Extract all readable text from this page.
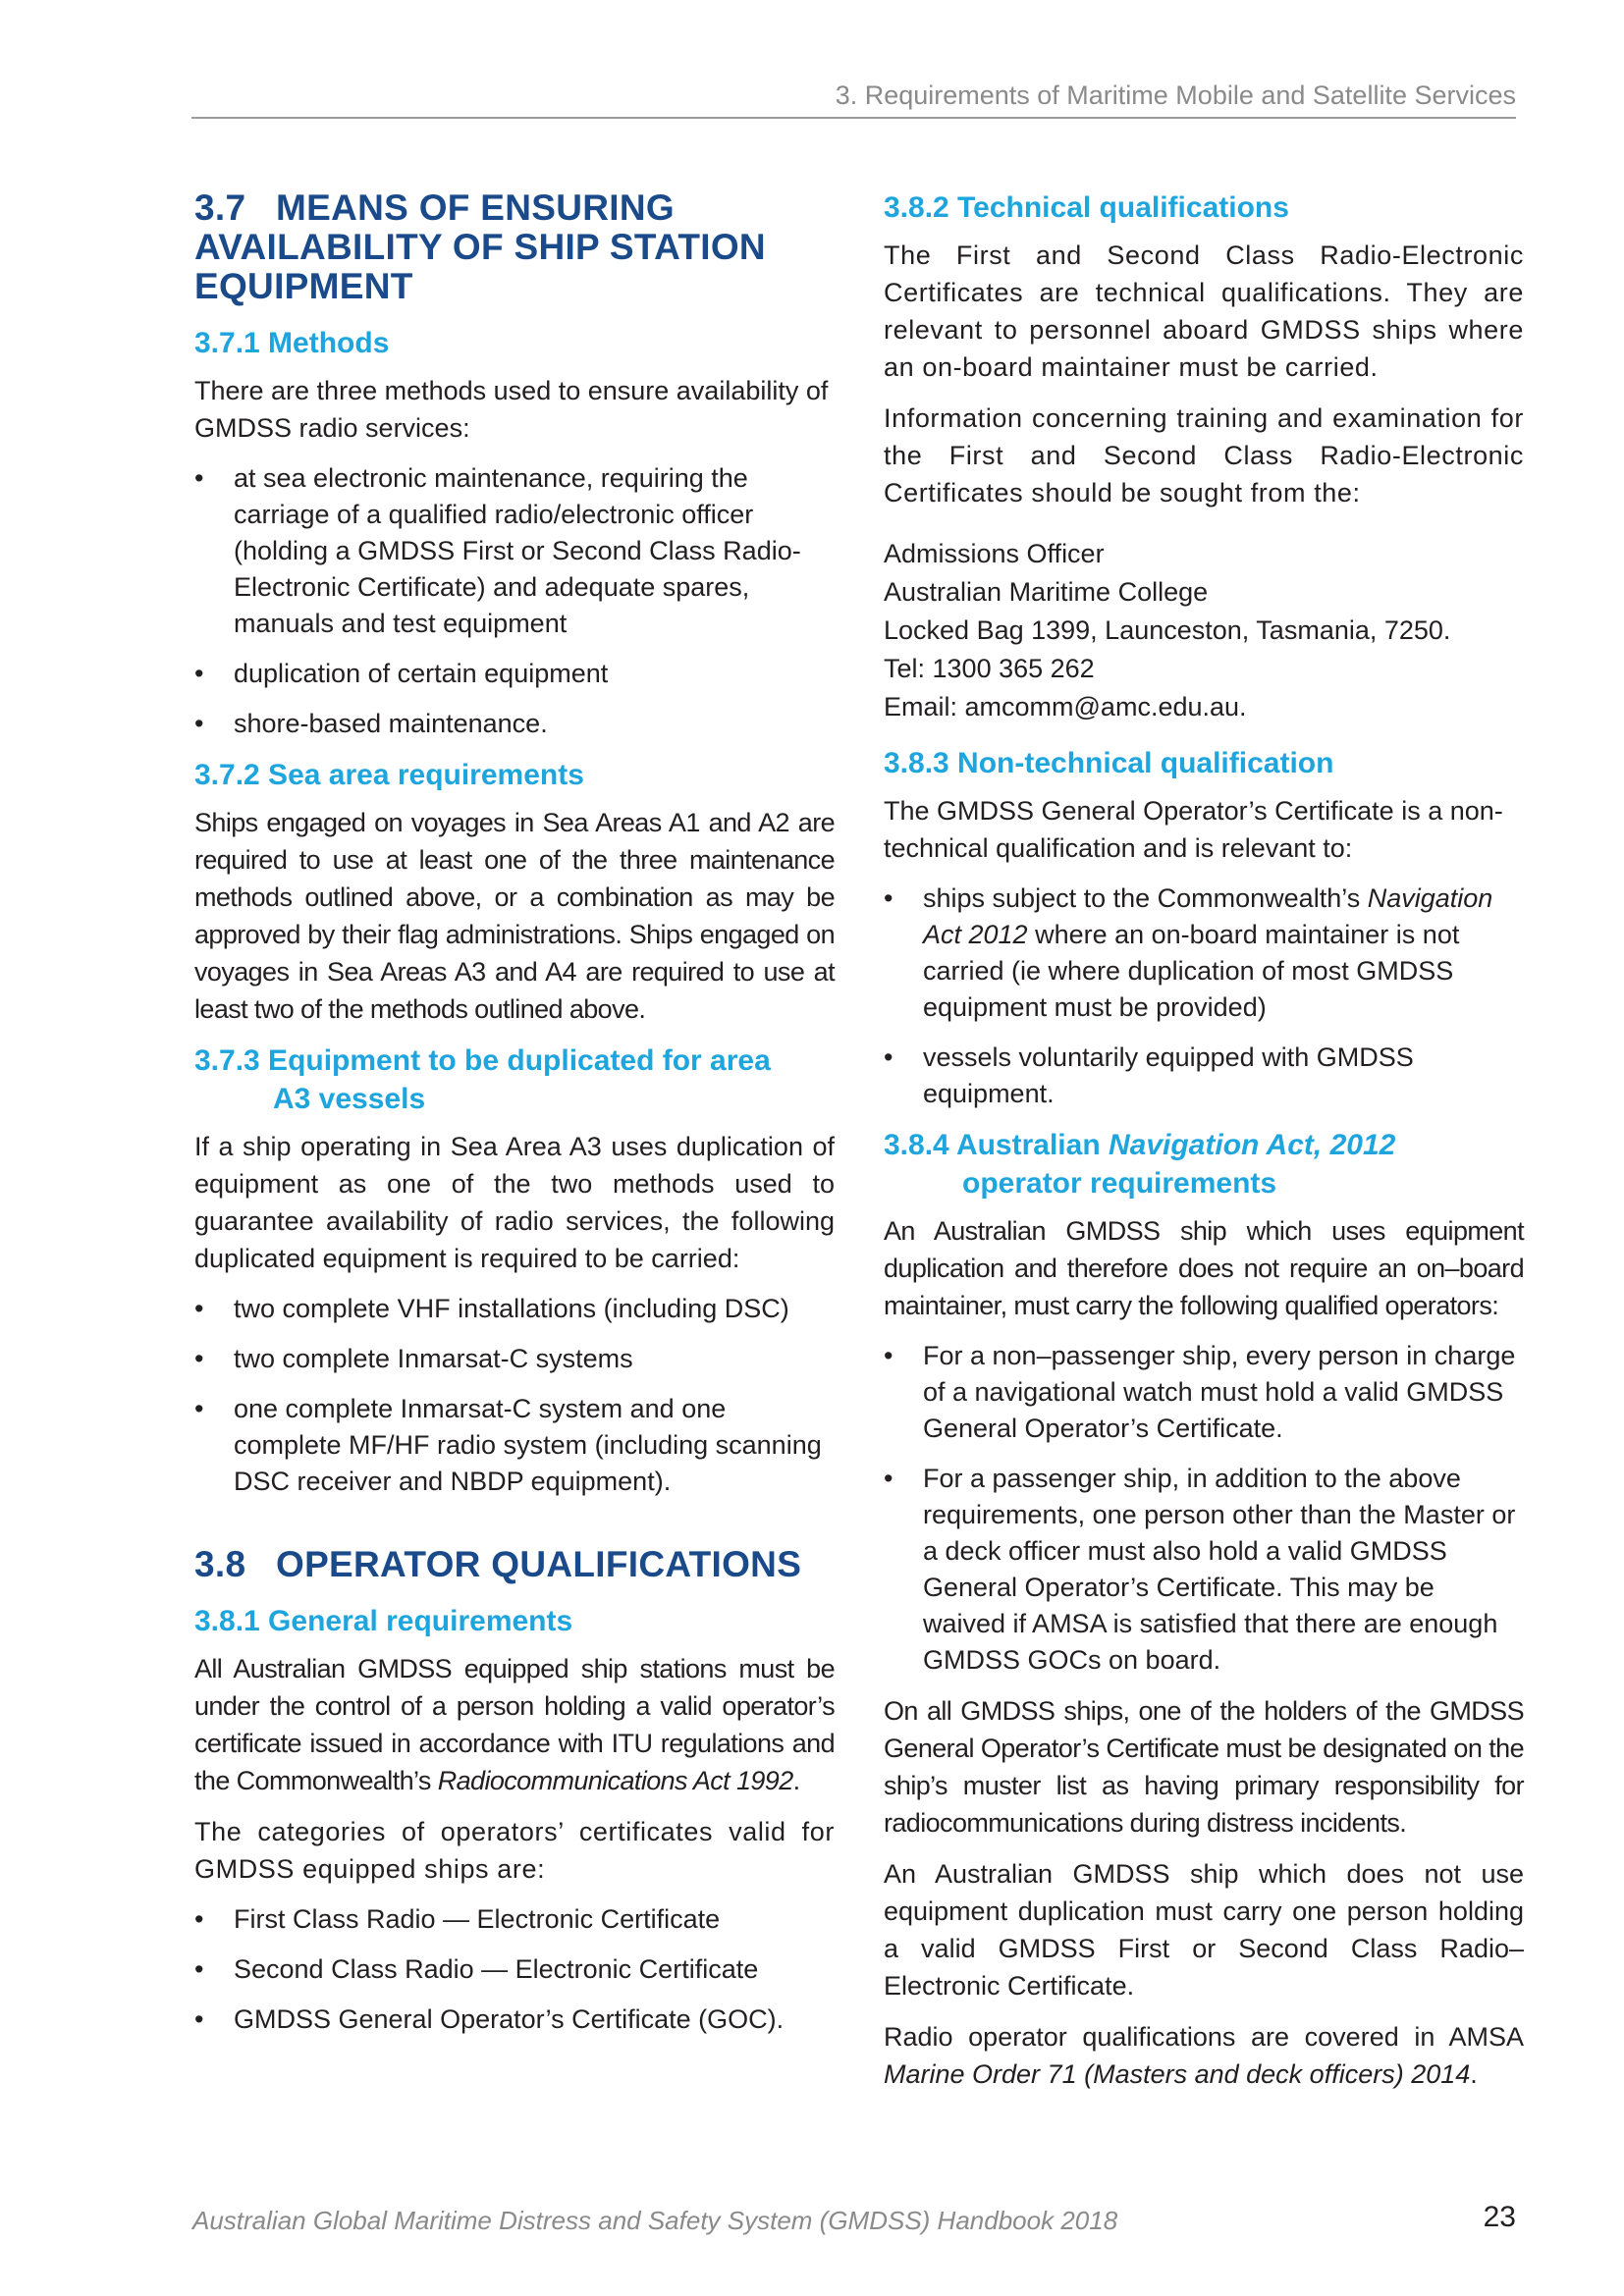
3. Requirements of Maritime Mobile and Satellite Services
3.7 MEANS OF ENSURING AVAILABILITY OF SHIP STATION EQUIPMENT
3.7.1 Methods

There are three methods used to ensure availability of GMDSS radio services:

• at sea electronic maintenance, requiring the carriage of a qualified radio/electronic officer (holding a GMDSS First or Second Class Radio-Electronic Certificate) and adequate spares, manuals and test equipment
• duplication of certain equipment
• shore-based maintenance.
3.7.2 Sea area requirements

Ships engaged on voyages in Sea Areas A1 and A2 are required to use at least one of the three maintenance methods outlined above, or a combination as may be approved by their flag administrations. Ships engaged on voyages in Sea Areas A3 and A4 are required to use at least two of the methods outlined above.

3.7.3 Equipment to be duplicated for area
A3 vessels

If a ship operating in Sea Area A3 uses duplication of equipment as one of the two methods used to guarantee availability of radio services, the following duplicated equipment is required to be carried:

• two complete VHF installations (including DSC)
• two complete Inmarsat-C systems
• one complete Inmarsat-C system and one complete MF/HF radio system (including scanning DSC receiver and NBDP equipment).
3.8 OPERATOR QUALIFICATIONS
3.8.1 General requirements

All Australian GMDSS equipped ship stations must be under the control of a person holding a valid operator’s certificate issued in accordance with ITU regulations and the Commonwealth’s Radiocommunications Act 1992.

The categories of operators’ certificates valid for GMDSS equipped ships are:

• First Class Radio — Electronic Certificate
• Second Class Radio — Electronic Certificate
• GMDSS General Operator’s Certificate (GOC).
3.8.2 Technical qualifications

The First and Second Class Radio-Electronic Certificates are technical qualifications. They are relevant to personnel aboard GMDSS ships where an on-board maintainer must be carried.

Information concerning training and examination for the First and Second Class Radio-Electronic Certificates should be sought from the:

Admissions Officer
Australian Maritime College
Locked Bag 1399, Launceston, Tasmania, 7250.
Tel: 1300 365 262
Email: amcomm@amc.edu.au.
3.8.3 Non-technical qualification

The GMDSS General Operator’s Certificate is a non-technical qualification and is relevant to:

• ships subject to the Commonwealth’s Navigation Act 2012 where an on-board maintainer is not carried (ie where duplication of most GMDSS equipment must be provided)
• vessels voluntarily equipped with GMDSS equipment.
3.8.4 Australian Navigation Act, 2012
operator requirements

An Australian GMDSS ship which uses equipment duplication and therefore does not require an on–board maintainer, must carry the following qualified operators:

• For a non–passenger ship, every person in charge of a navigational watch must hold a valid GMDSS General Operator’s Certificate.
• For a passenger ship, in addition to the above requirements, one person other than the Master or a deck officer must also hold a valid GMDSS General Operator’s Certificate. This may be waived if AMSA is satisfied that there are enough GMDSS GOCs on board.

On all GMDSS ships, one of the holders of the GMDSS General Operator’s Certificate must be designated on the ship’s muster list as having primary responsibility for radiocommunications during distress incidents.

An Australian GMDSS ship which does not use equipment duplication must carry one person holding a valid GMDSS First or Second Class Radio–Electronic Certificate.

Radio operator qualifications are covered in AMSA Marine Order 71 (Masters and deck officers) 2014.

Australian Global Maritime Distress and Safety System (GMDSS) Handbook 2018	23
